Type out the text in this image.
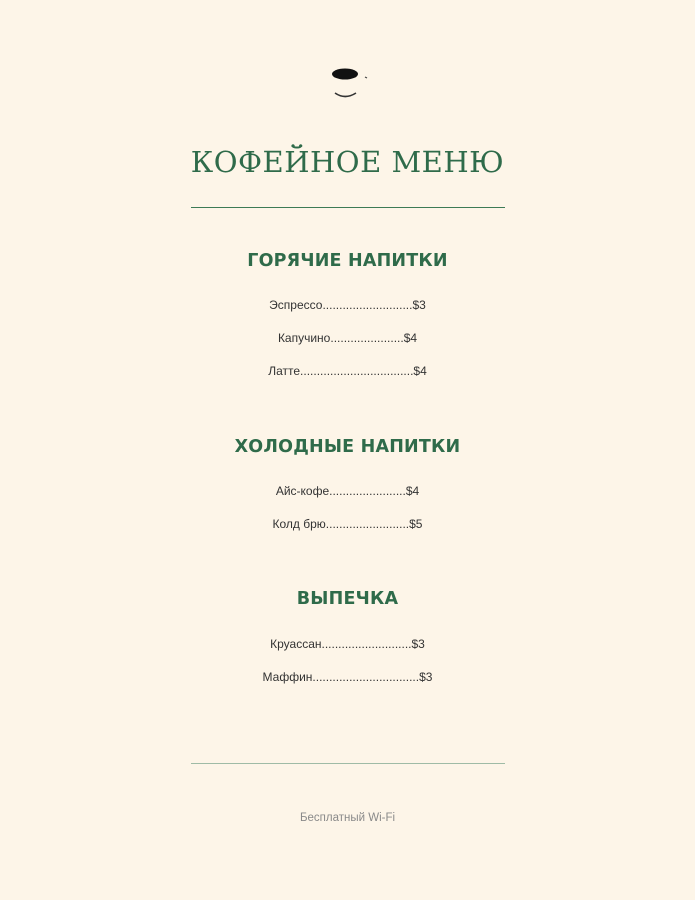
КОФЕЙНОЕ МЕНЮ
ГОРЯЧИЕ НАПИТКИ
Эспрессо...........................$3
Капучино......................$4
Латте..................................$4
ХОЛОДНЫЕ НАПИТКИ
Айс-кофе.......................$4
Колд брю.........................$5
ВЫПЕЧКА
Круассан...........................$3
Маффин................................$3
Бесплатный Wi-Fi
